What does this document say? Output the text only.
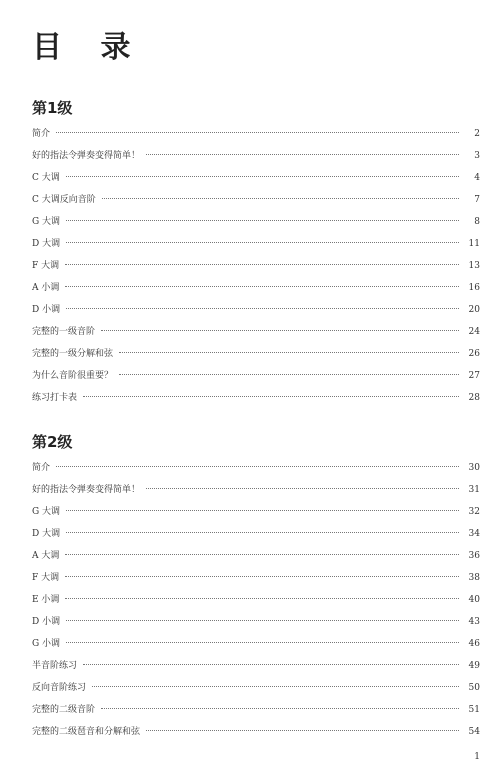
目 录
第1级
简介	2
好的指法令弹奏变得简单！	3
C 大调	4
C 大调反向音阶	7
G 大调	8
D 大调	11
F 大调	13
A 小调	16
D 小调	20
完整的一级音阶	24
完整的一级分解和弦	26
为什么音阶很重要？	27
练习打卡表	28
第2级
简介	30
好的指法令弹奏变得简单！	31
G 大调	32
D 大调	34
A 大调	36
F 大调	38
E 小调	40
D 小调	43
G 小调	46
半音阶练习	49
反向音阶练习	50
完整的二级音阶	51
完整的二级琶音和分解和弦	54
1
